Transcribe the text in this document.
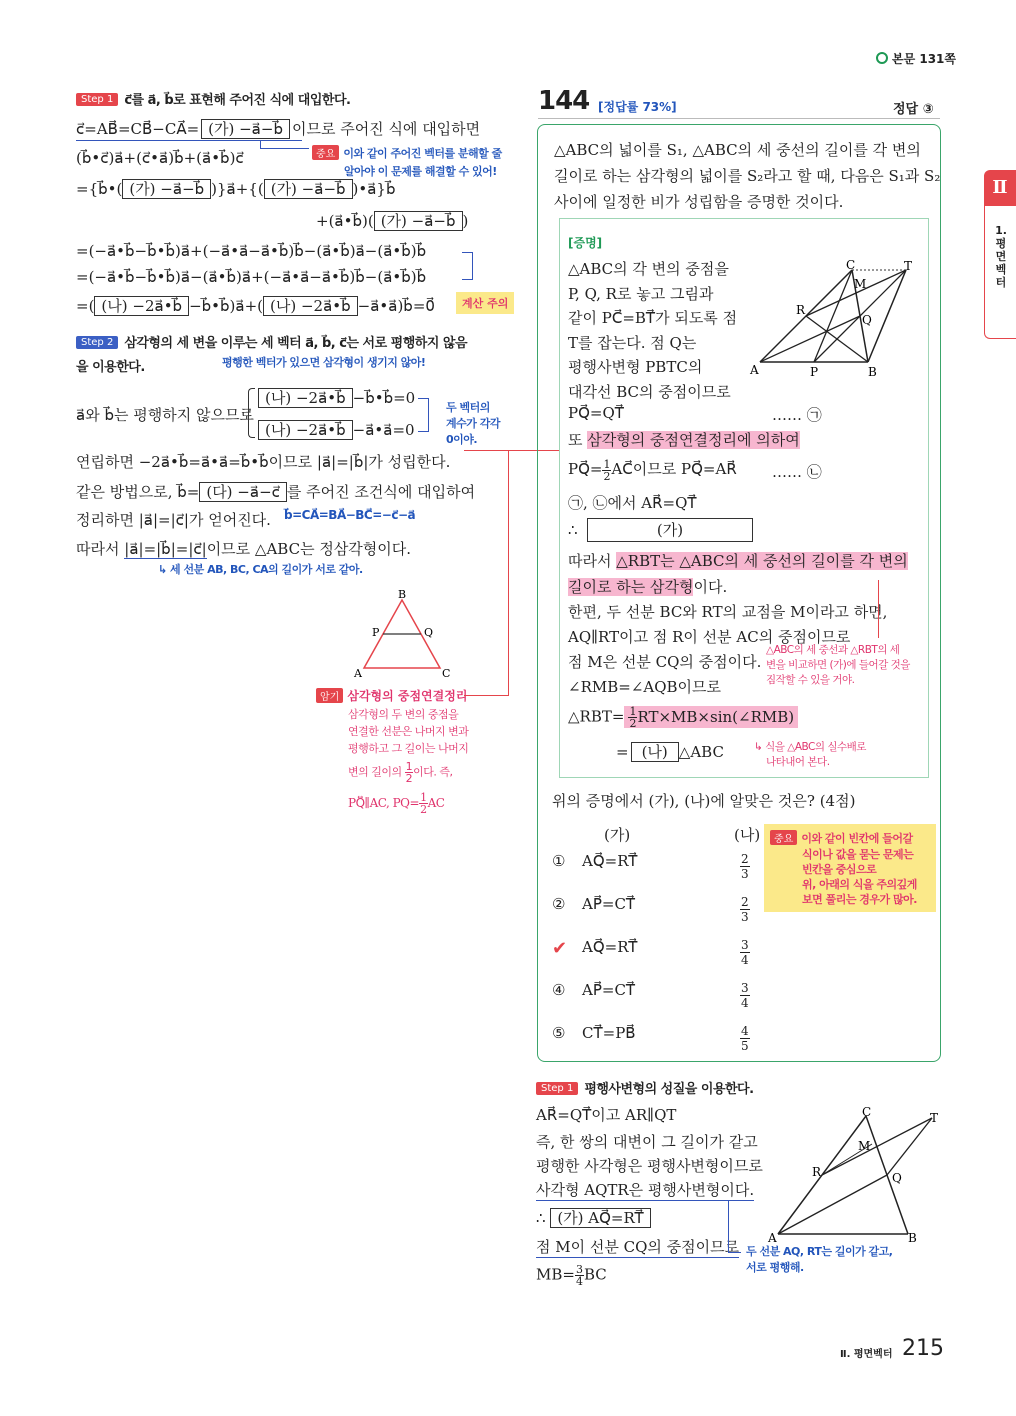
본문 131쪽
Step 1 c⃗를 a⃗, b⃗로 표현해 주어진 식에 대입한다.
c⃗=AB⃗=CB⃗−CA⃗= (가) −a⃗−b⃗ 이므로 주어진 식에 대입하면
(b⃗•c⃗)a⃗+(c⃗•a⃗)b⃗+(a⃗•b⃗)c⃗	중요 이와 같이 주어진 벡터를 분해할 줄
알아야 이 문제를 해결할 수 있어!
={b⃗•( (가) −a⃗−b⃗ )}a⃗+{( (가) −a⃗−b⃗ )•a⃗}b⃗
+(a⃗•b⃗)( (가) −a⃗−b⃗ )
=(−a⃗•b⃗−b⃗•b⃗)a⃗+(−a⃗•a⃗−a⃗•b⃗)b⃗−(a⃗•b⃗)a⃗−(a⃗•b⃗)b⃗
=(−a⃗•b⃗−b⃗•b⃗)a⃗−(a⃗•b⃗)a⃗+(−a⃗•a⃗−a⃗•b⃗)b⃗−(a⃗•b⃗)b⃗
=( (나) −2a⃗•b⃗ −b⃗•b⃗)a⃗+( (나) −2a⃗•b⃗ −a⃗•a⃗)b⃗=0⃗	계산 주의
Step 2 삼각형의 세 변을 이루는 세 벡터 a⃗, b⃗, c⃗는 서로 평행하지 않음
을 이용한다.	평행한 벡터가 있으면 삼각형이 생기지 않아!
a⃗와 b⃗는 평행하지 않으므로
(나) −2a⃗•b⃗ −b⃗•b⃗=0
(나) −2a⃗•b⃗ −a⃗•a⃗=0
두 벡터의
계수가 각각
0이야.
연립하면 −2a⃗•b⃗=a⃗•a⃗=b⃗•b⃗이므로 |a⃗|=|b⃗|가 성립한다.
같은 방법으로, b⃗= (다) −a⃗−c⃗ 를 주어진 조건식에 대입하여
정리하면 |a⃗|=|c⃗|가 얻어진다. b⃗=CA⃗=BA⃗−BC⃗=−c⃗−a⃗
따라서 |a⃗|=|b⃗|=|c⃗|이므로 △ABC는 정삼각형이다.
↳ 세 선분 AB, BC, CA의 길이가 서로 같아.
B
P	Q
A	C
암기 삼각형의 중점연결정리
삼각형의 두 변의 중점을
연결한 선분은 나머지 변과
평행하고 그 길이는 나머지
변의 길이의 $\frac{1}{2}$ 이다. 즉,
PQ⃡∥AC, $PQ= \frac{1}{2}$ AC
144 [정답률 73%]	정답 ③
△ABC의 넓이를 S₁, △ABC의 세 중선의 길이를 각 변의
길이로 하는 삼각형의 넓이를 S₂라고 할 때, 다음은 S₁과 S₂
사이에 일정한 비가 성립함을 증명한 것이다.
[증명]
△ABC의 각 변의 중점을
P, Q, R로 놓고 그림과
같이 PC⃗=BT⃗가 되도록 점
T를 잡는다. 점 Q는
평행사변형 PBTC의
대각선 BC의 중점이므로
C	T
M
R
Q
A	P	B
PQ⃗=QT⃗	…… ㉠
또 삼각형의 중점연결정리에 의하여
PQ⃗= $\frac{1}{2}$ AC⃗이므로 PQ⃗=AR⃗ …… ㉡
㉠, ㉡에서 AR⃗=QT⃗
∴	(가)
따라서 △RBT는 △ABC의 세 중선의 길이를 각 변의
길이로 하는 삼각형이다.
한편, 두 선분 BC와 RT의 교점을 M이라고 하면,
AQ∥RT이고 점 R이 선분 AC의 중점이므로
점 M은 선분 CQ의 중점이다.
∠RMB=∠AQB이므로
△ABC의 세 중선과 △RBT의 세
변을 비교하면 (가)에 들어갈 것을
짐작할 수 있을 거야.
△RBT= $\frac{1}{2}$ RT×MB×sin(∠RMB)
= (나) △ABC	↳ 식을 △ABC의 실수배로
나타내어 본다.
위의 증명에서 (가), (나)에 알맞은 것은? (4점)
(가)	(나)
① AQ⃗=RT⃗	$\frac{2}{3}$
② AP⃗=CT⃗	$\frac{2}{3}$
✔ AQ⃗=RT⃗	$\frac{3}{4}$
④ AP⃗=CT⃗	$\frac{3}{4}$
⑤ CT⃗=PB⃗	$\frac{4}{5}$
중요 이와 같이 빈칸에 들어갈
식이나 값을 묻는 문제는
빈칸을 중심으로
위, 아래의 식을 주의깊게
보면 풀리는 경우가 많아.
Step 1 평행사변형의 성질을 이용한다.
AR⃗=QT⃗이고 AR∥QT
즉, 한 쌍의 대변이 그 길이가 같고
평행한 사각형은 평행사변형이므로
사각형 AQTR은 평행사변형이다.
∴ (가) AQ⃗=RT⃗
점 M이 선분 CQ의 중점이므로
$MB= \frac{3}{4}$ BC
두 선분 AQ, RT는 길이가 같고,
서로 평행해.
C	T
M
R	Q
A	B
Ⅱ
1.
평
면
벡
터
Ⅱ. 평면벡터 215
